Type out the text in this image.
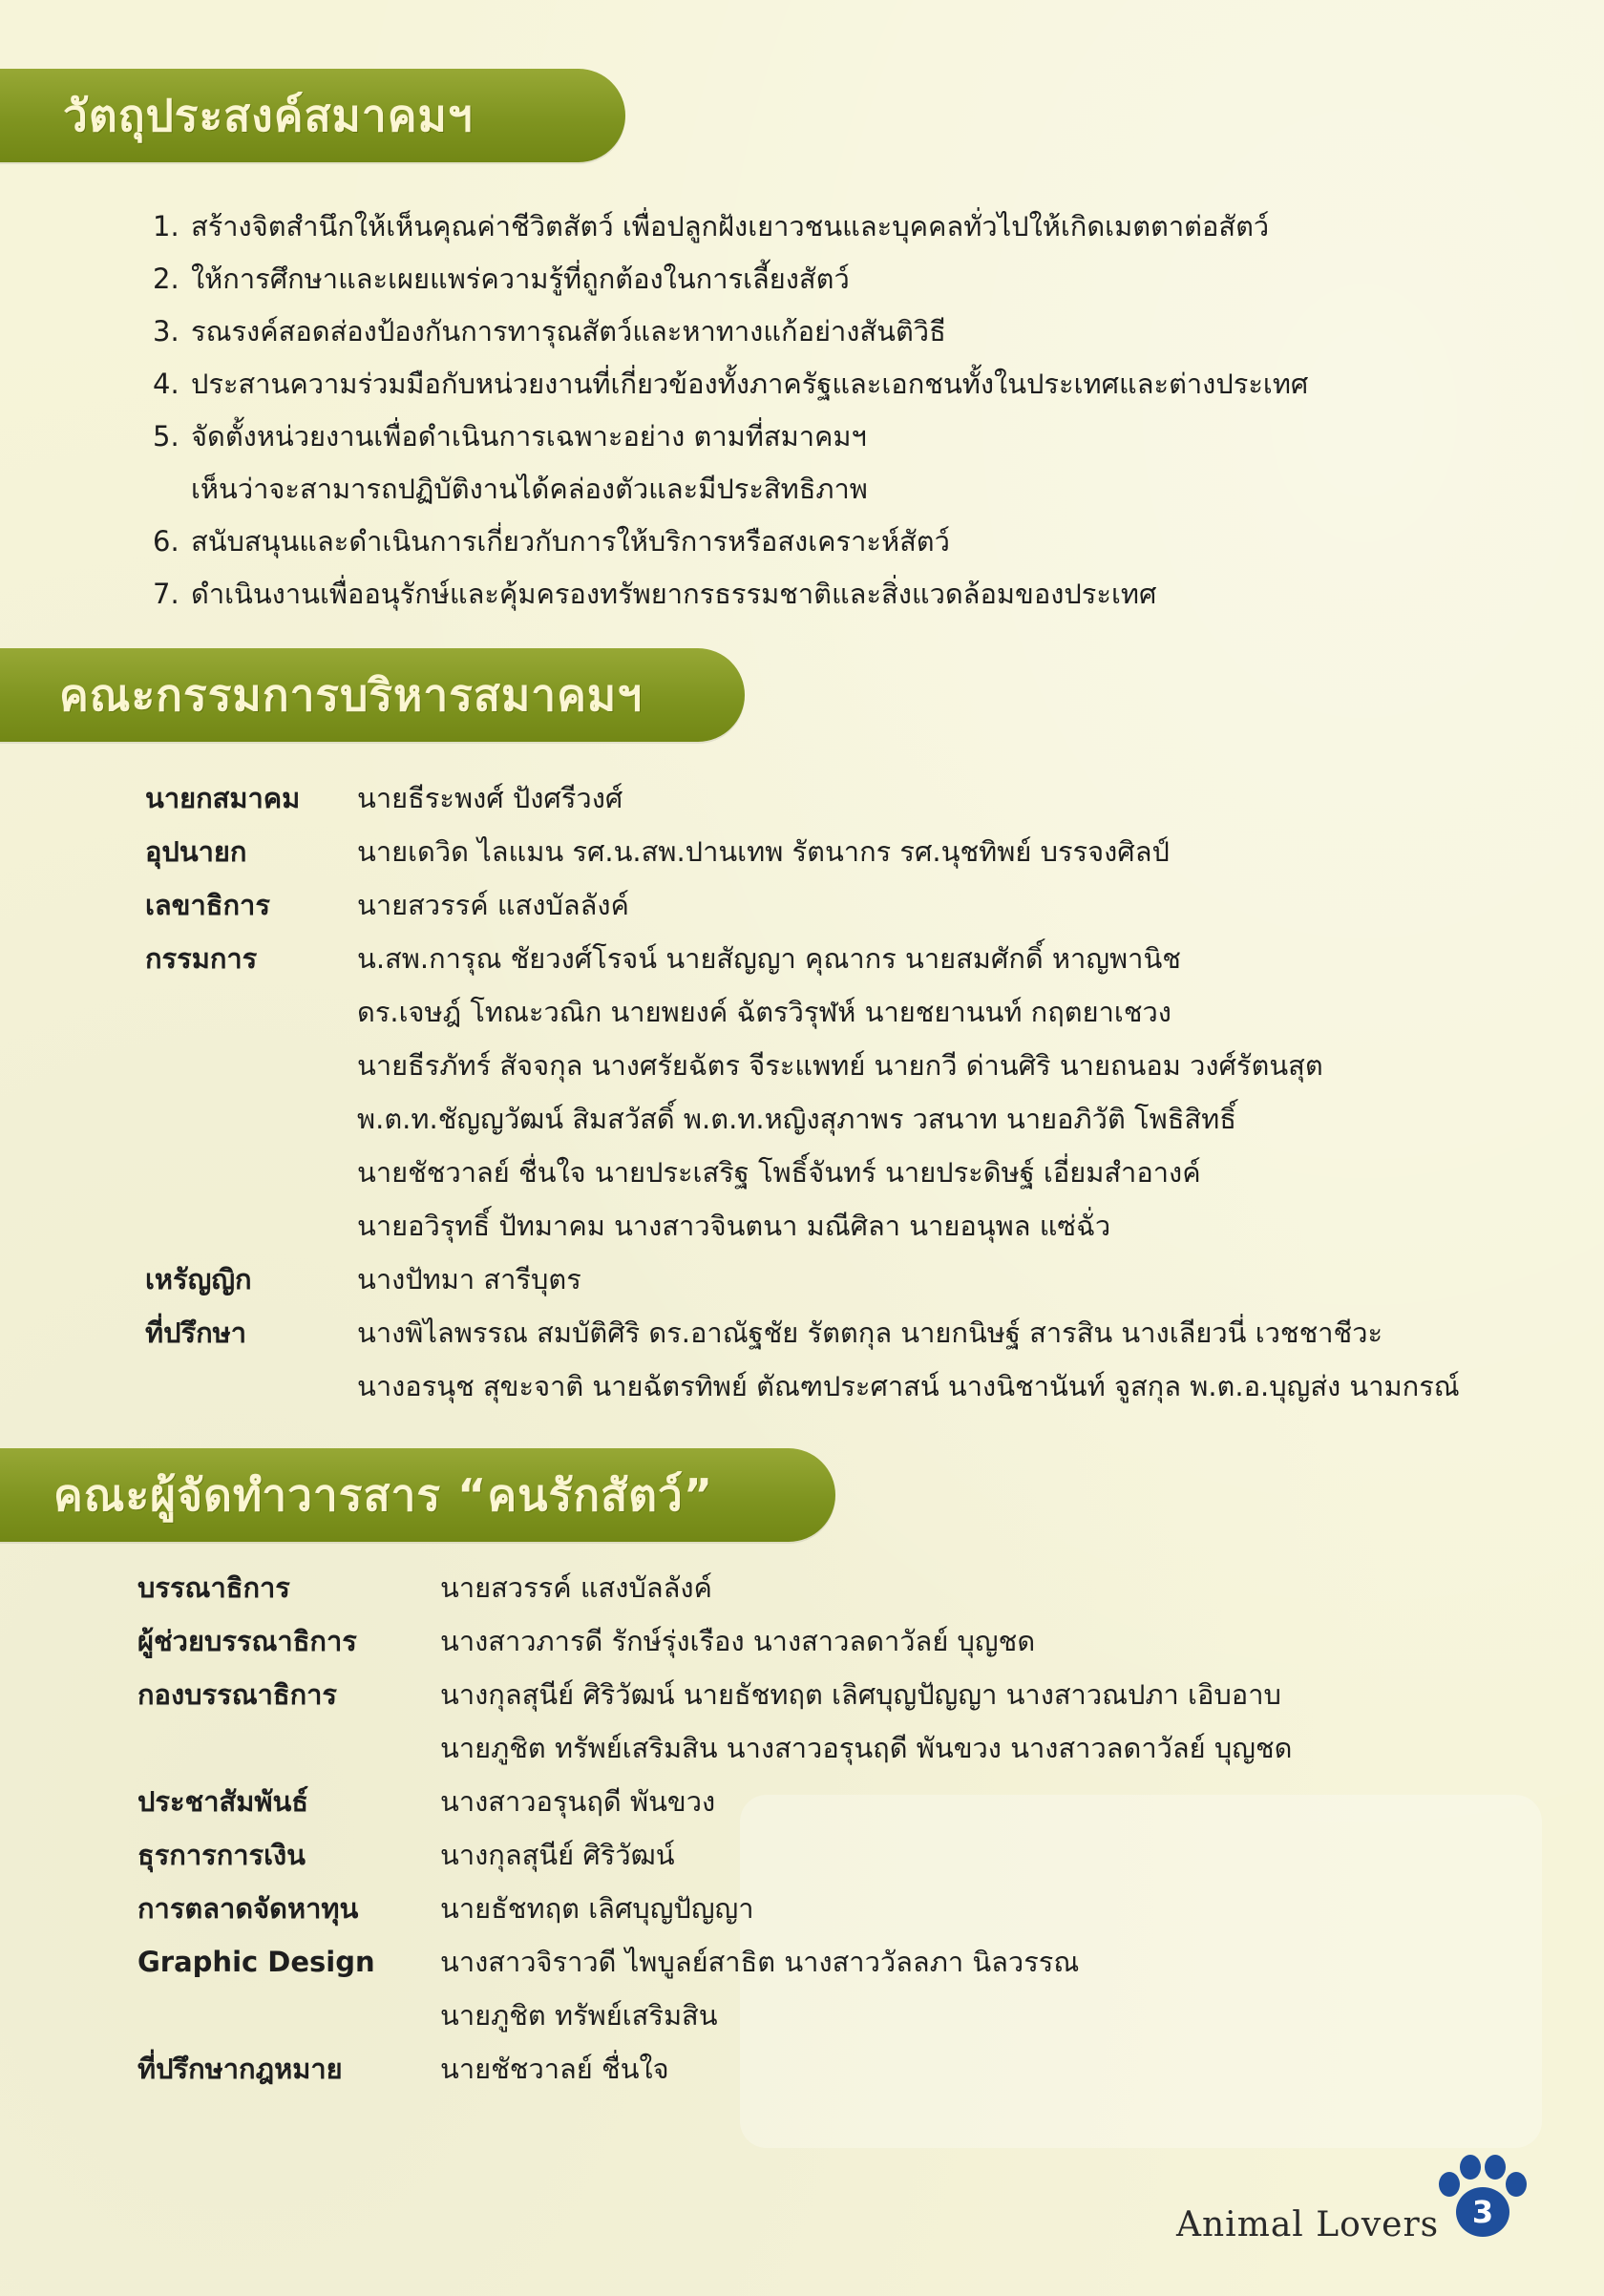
วัตถุประสงค์สมาคมฯ
1. สร้างจิตสำนึกให้เห็นคุณค่าชีวิตสัตว์ เพื่อปลูกฝังเยาวชนและบุคคลทั่วไปให้เกิดเมตตาต่อสัตว์
2. ให้การศึกษาและเผยแพร่ความรู้ที่ถูกต้องในการเลี้ยงสัตว์
3. รณรงค์สอดส่องป้องกันการทารุณสัตว์และหาทางแก้อย่างสันติวิธี
4. ประสานความร่วมมือกับหน่วยงานที่เกี่ยวข้องทั้งภาครัฐและเอกชนทั้งในประเทศและต่างประเทศ
5. จัดตั้งหน่วยงานเพื่อดำเนินการเฉพาะอย่าง ตามที่สมาคมฯ
เห็นว่าจะสามารถปฏิบัติงานได้คล่องตัวและมีประสิทธิภาพ
6. สนับสนุนและดำเนินการเกี่ยวกับการให้บริการหรือสงเคราะห์สัตว์
7. ดำเนินงานเพื่ออนุรักษ์และคุ้มครองทรัพยากรธรรมชาติและสิ่งแวดล้อมของประเทศ
คณะกรรมการบริหารสมาคมฯ
นายกสมาคม	นายธีระพงศ์ ปังศรีวงศ์
อุปนายก	นายเดวิด ไลแมน รศ.น.สพ.ปานเทพ รัตนากร รศ.นุชทิพย์ บรรจงศิลป์
เลขาธิการ	นายสวรรค์ แสงบัลลังค์
กรรมการ	น.สพ.การุณ ชัยวงศ์โรจน์ นายสัญญา คุณากร นายสมศักดิ์ หาญพานิช
ดร.เจษฎ์ โทณะวณิก นายพยงค์ ฉัตรวิรุฬห์ นายชยานนท์ กฤตยาเชวง
นายธีรภัทร์ สัจจกุล นางศรัยฉัตร จีระแพทย์ นายกวี ด่านศิริ นายถนอม วงศ์รัตนสุต
พ.ต.ท.ชัญญวัฒน์ สิมสวัสดิ์ พ.ต.ท.หญิงสุภาพร วสนาท นายอภิวัติ โพธิสิทธิ์
นายชัชวาลย์ ชื่นใจ นายประเสริฐ โพธิ์จันทร์ นายประดิษฐ์ เอี่ยมสำอางค์
นายอวิรุทธิ์ ปัทมาคม นางสาวจินตนา มณีศิลา นายอนุพล แซ่ฉั่ว
เหรัญญิก	นางปัทมา สารีบุตร
ที่ปรึกษา	นางพิไลพรรณ สมบัติศิริ ดร.อาณัฐชัย รัตตกุล นายกนิษฐ์ สารสิน นางเลียวนี่ เวชชาชีวะ
นางอรนุช สุขะจาติ นายฉัตรทิพย์ ตัณฑประศาสน์ นางนิชานันท์ จูสกุล พ.ต.อ.บุญส่ง นามกรณ์
คณะผู้จัดทำวารสาร “คนรักสัตว์”
บรรณาธิการ	นายสวรรค์ แสงบัลลังค์
ผู้ช่วยบรรณาธิการ	นางสาวภารดี รักษ์รุ่งเรือง นางสาวลดาวัลย์ บุญชด
กองบรรณาธิการ	นางกุลสุนีย์ ศิริวัฒน์ นายธัชทฤต เลิศบุญปัญญา นางสาวณปภา เอิบอาบ
นายภูชิต ทรัพย์เสริมสิน นางสาวอรุนฤดี พันขวง นางสาวลดาวัลย์ บุญชด
ประชาสัมพันธ์	นางสาวอรุนฤดี พันขวง
ธุรการการเงิน	นางกุลสุนีย์ ศิริวัฒน์
การตลาดจัดหาทุน	นายธัชทฤต เลิศบุญปัญญา
Graphic Design	นางสาวจิราวดี ไพบูลย์สาธิต นางสาววัลลภา นิลวรรณ
นายภูชิต ทรัพย์เสริมสิน
ที่ปรึกษากฎหมาย	นายชัชวาลย์ ชื่นใจ
Animal Lovers	3
